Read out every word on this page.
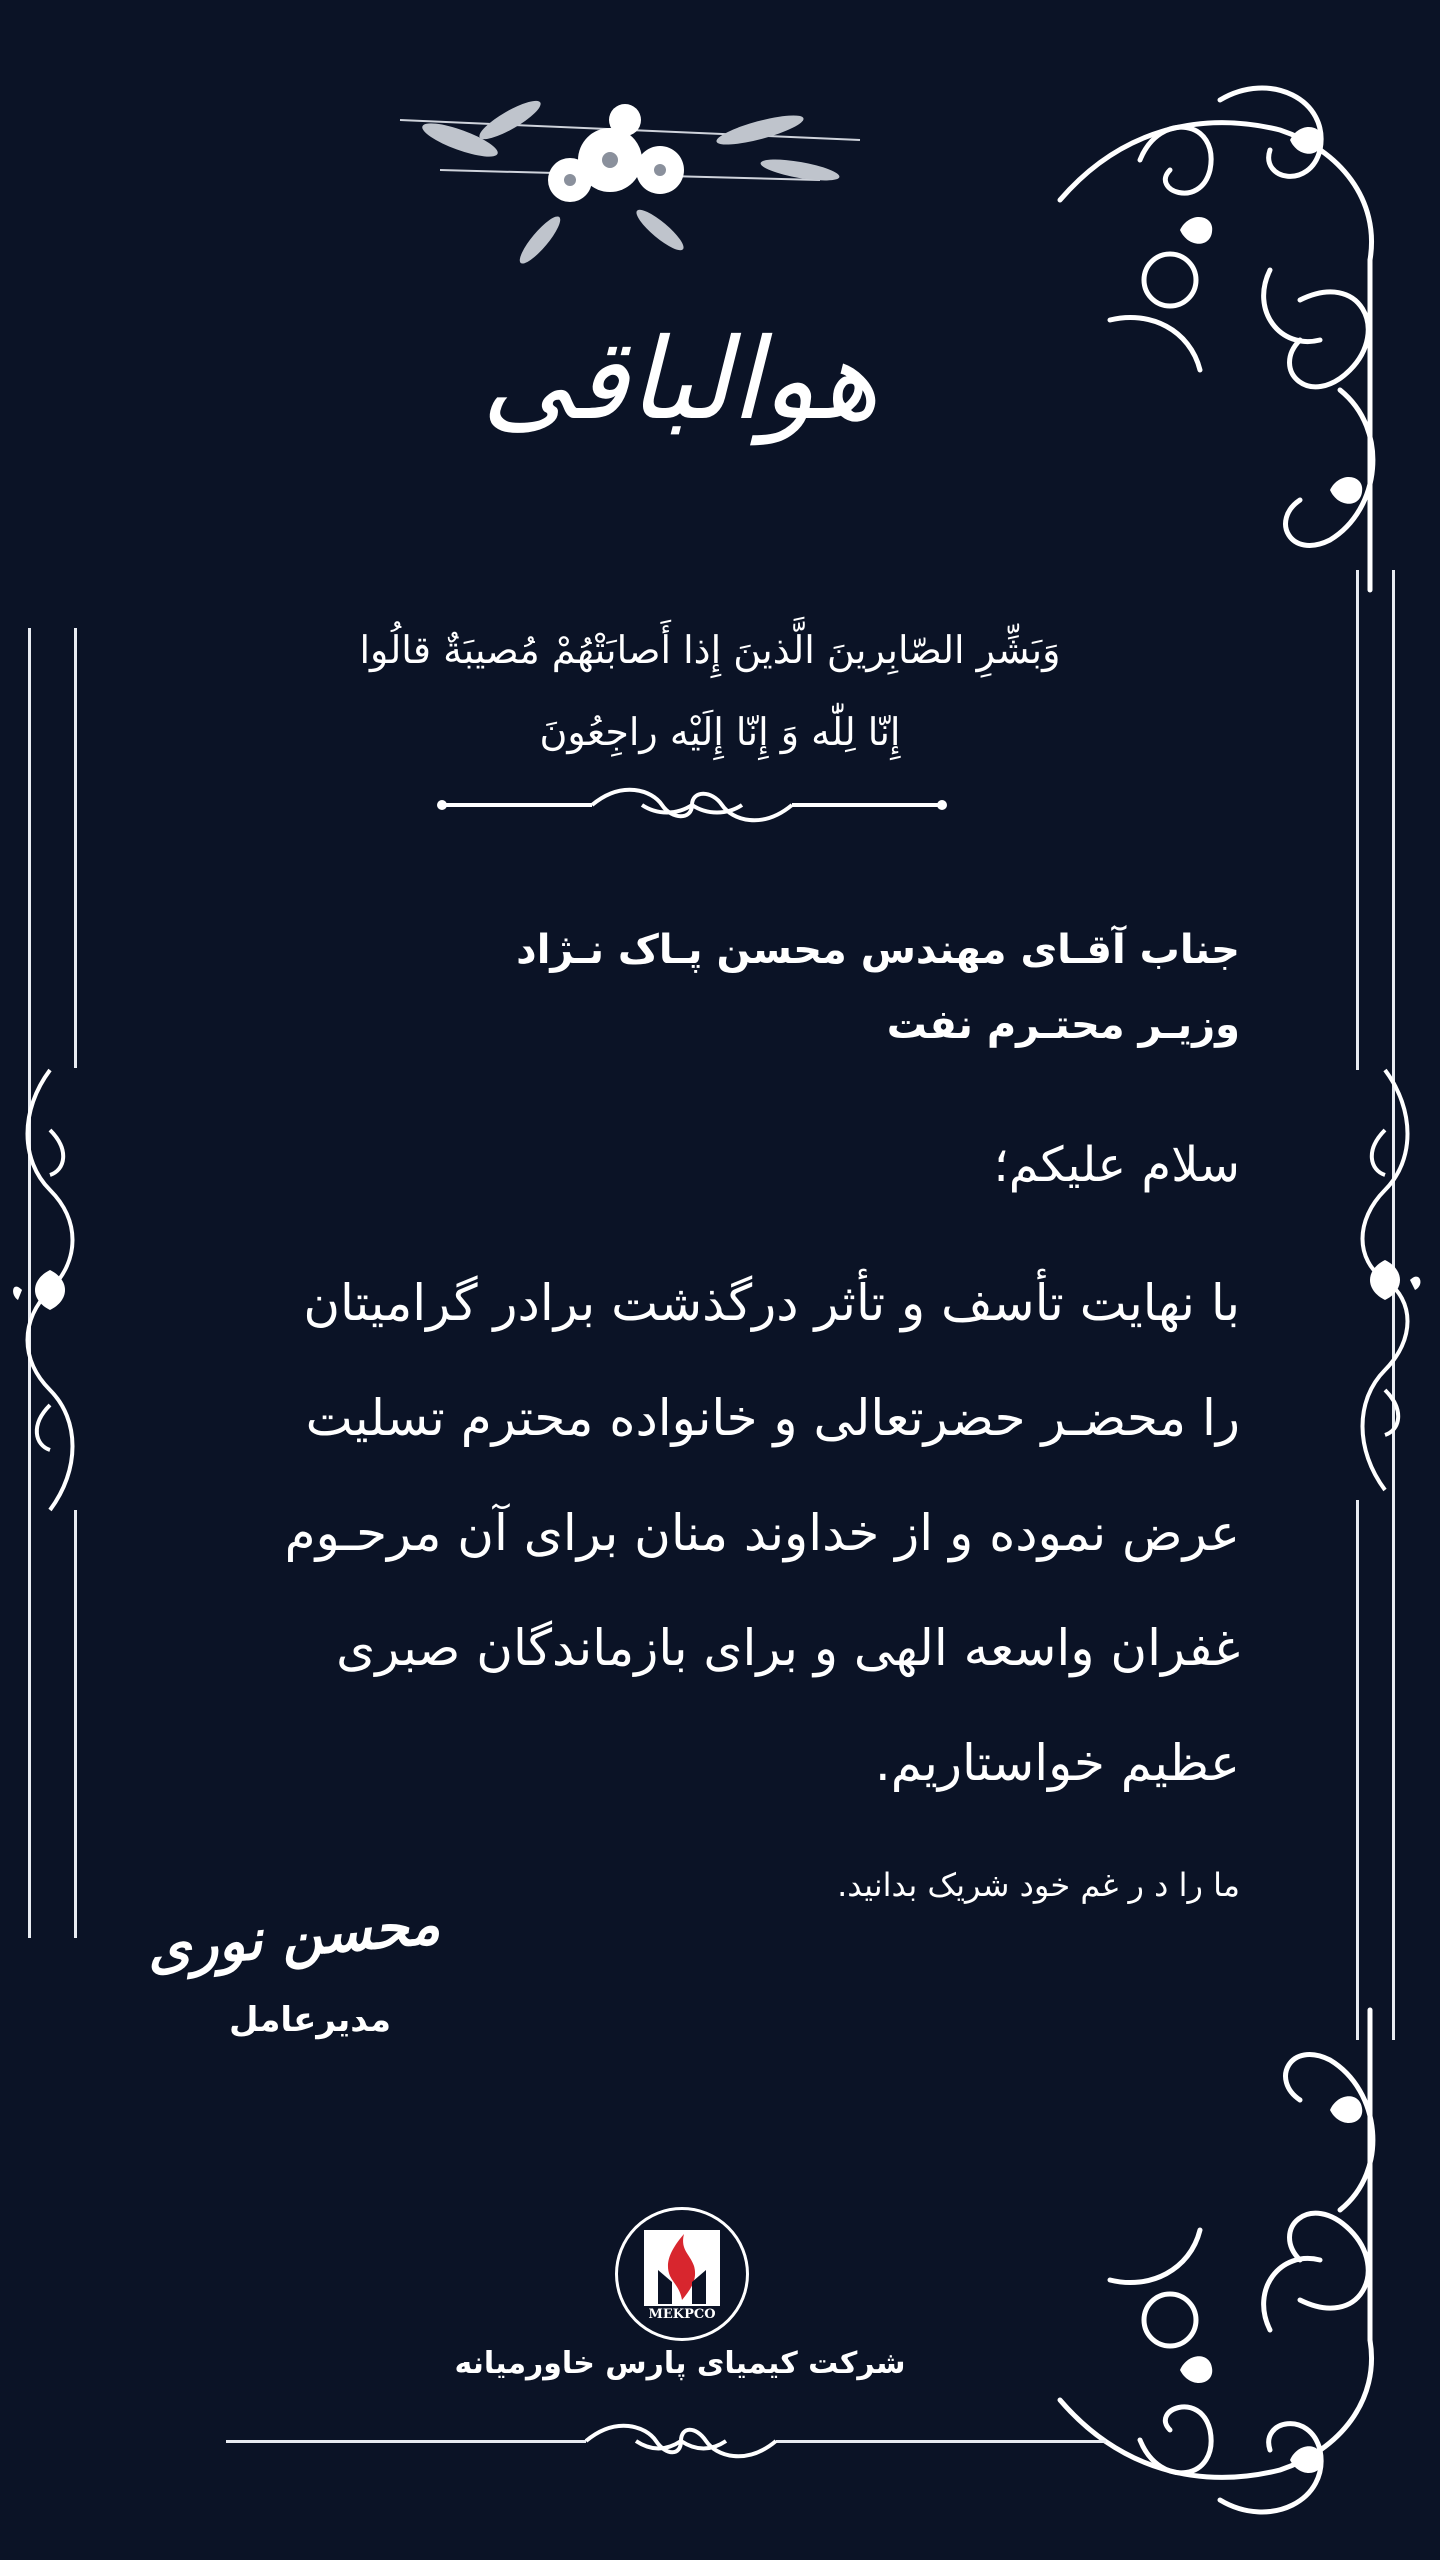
هوالباقی
وَبَشِّرِ الصّابِرینَ الَّذینَ إِذا أَصابَتْهُمْ مُصیبَةٌ قالُوا
إِنّا لِلّٰه وَ إِنّا إِلَیْه راجِعُونَ
جناب آقـای مهندس محسن پـاک نـژاد
وزیـر محتـرم نفت
سلام علیکم؛
با نهایت تأسف و تأثر درگذشت برادر گرامیتان
را محضـر حضرتعالی و خانواده محترم تسلیت
عرض نموده و از خداوند منان برای آن مرحـوم
غفران واسعه الهی و برای بازماندگان صبری
عظیم خواستاریم.
ما را د ر غم خود شریک بدانید.
محسن نوری
مدیرعامل
MEKPCO
شرکت کیمیای پارس خاورمیانه
